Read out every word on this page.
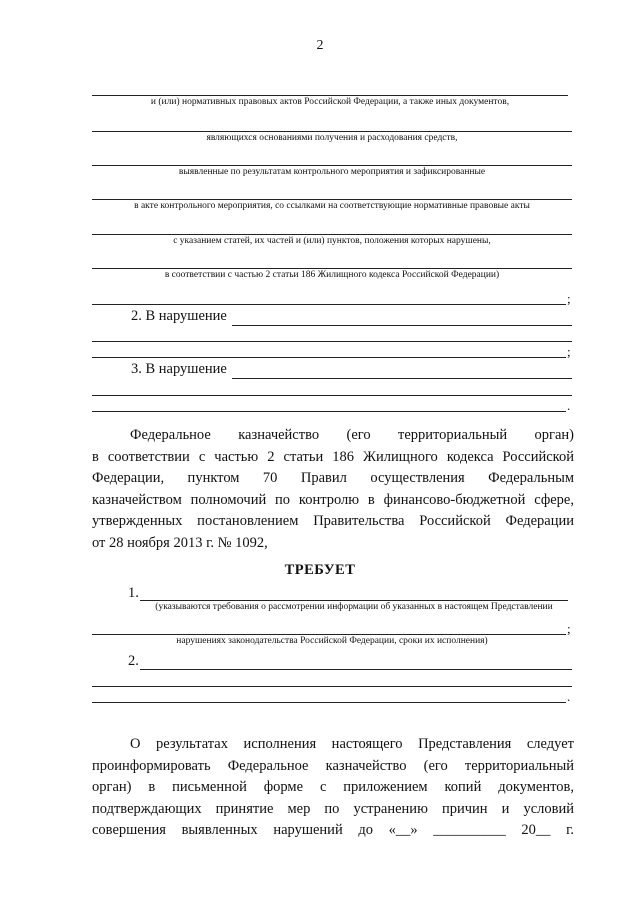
2
и (или) нормативных правовых актов Российской Федерации, а также иных документов,
являющихся основаниями получения и расходования средств,
выявленные по результатам контрольного мероприятия и зафиксированные
в акте контрольного мероприятия, со ссылками на соответствующие нормативные правовые акты
с указанием статей, их частей и (или) пунктов, положения которых нарушены,
в соответствии с частью 2 статьи 186 Жилищного кодекса Российской Федерации)
;
2. В нарушение
;
3. В нарушение
.
Федеральное казначейство (его территориальный орган)
в соответствии с частью 2 статьи 186 Жилищного кодекса Российской
Федерации, пунктом 70 Правил осуществления Федеральным
казначейством полномочий по контролю в финансово-бюджетной сфере,
утвержденных постановлением Правительства Российской Федерации
от 28 ноября 2013 г. № 1092,
ТРЕБУЕТ
1.
(указываются требования о рассмотрении информации об указанных в настоящем Представлении
;
нарушениях законодательства Российской Федерации, сроки их исполнения)
2.
.
О результатах исполнения настоящего Представления следует
проинформировать Федеральное казначейство (его территориальный
орган) в письменной форме с приложением копий документов,
подтверждающих принятие мер по устранению причин и условий
совершения выявленных нарушений до «__» __________ 20__ г.
